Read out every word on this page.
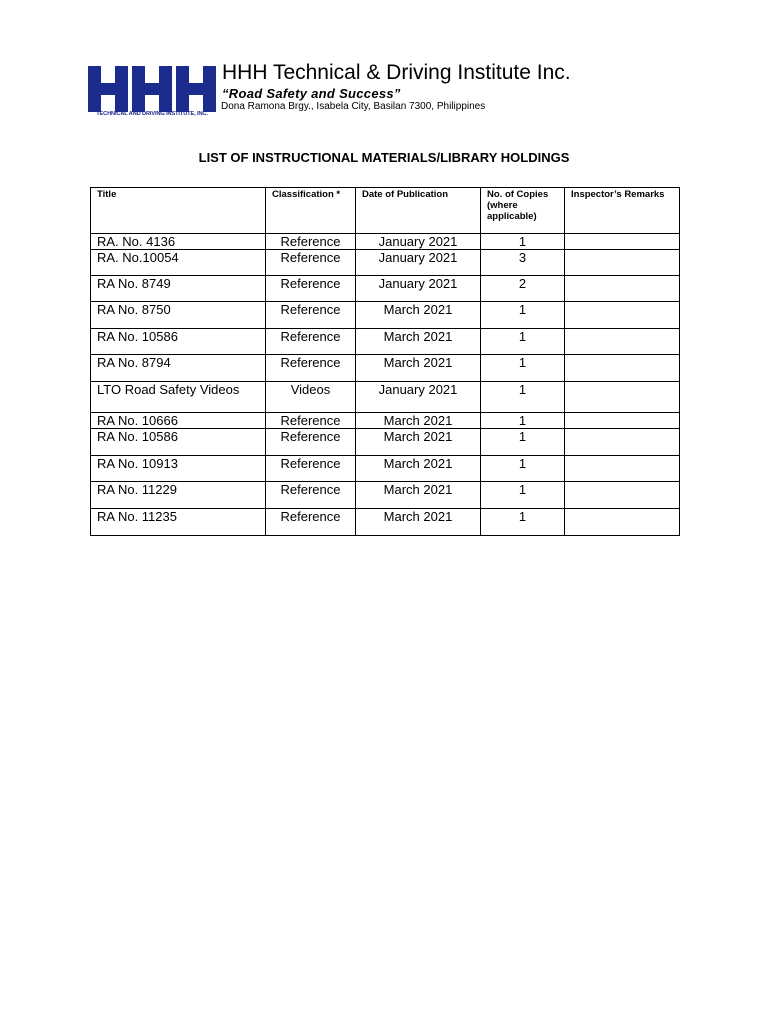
TECHNICAL AND DRIVING INSTITUTE, INC.
HHH Technical & Driving Institute Inc.
“Road Safety and Success”
Dona Ramona Brgy., Isabela City, Basilan 7300, Philippines
LIST OF INSTRUCTIONAL MATERIALS/LIBRARY HOLDINGS
Title	Classification *	Date of Publication	No. of Copies (where applicable)	Inspector’s Remarks
RA. No. 4136	Reference	January 2021	1	
RA. No.10054	Reference	January 2021	3	
RA No. 8749	Reference	January 2021	2	
RA No. 8750	Reference	March 2021	1	
RA No. 10586	Reference	March 2021	1	
RA No. 8794	Reference	March 2021	1	
LTO Road Safety Videos	Videos	January 2021	1	
RA No. 10666	Reference	March 2021	1	
RA No. 10586	Reference	March 2021	1	
RA No. 10913	Reference	March 2021	1	
RA No. 11229	Reference	March 2021	1	
RA No. 11235	Reference	March 2021	1	
